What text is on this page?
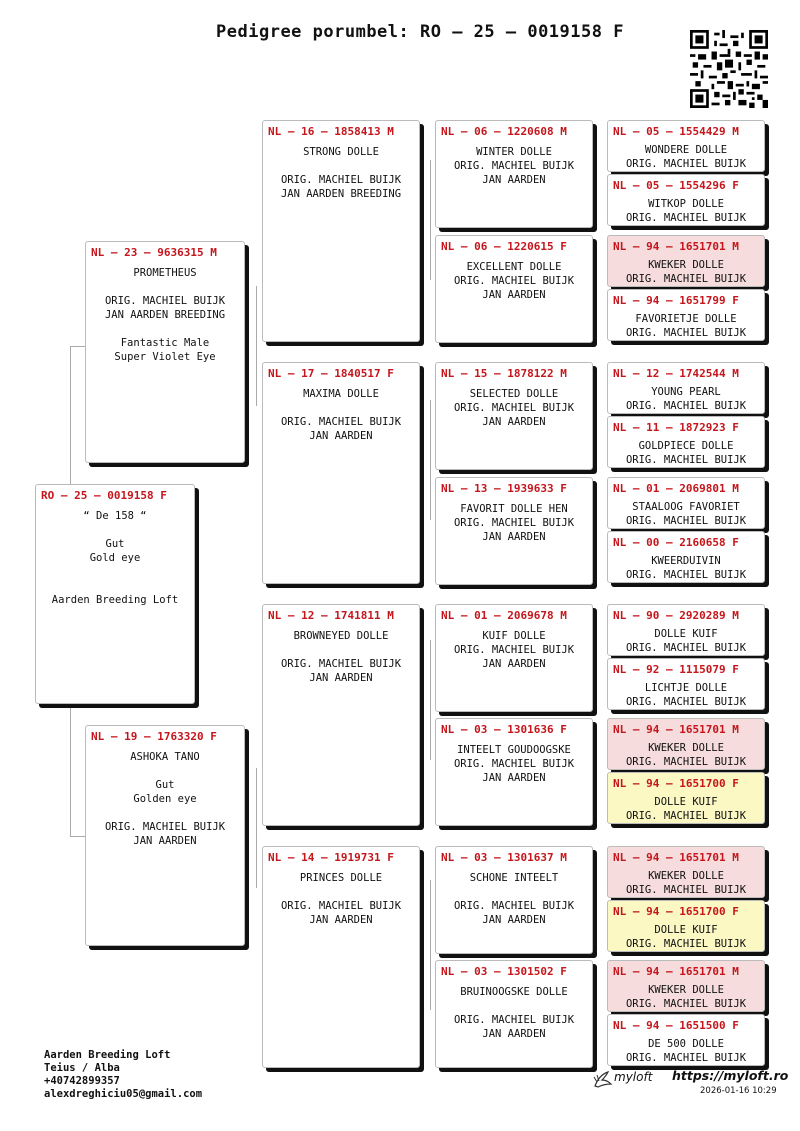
Pedigree porumbel: RO – 25 – 0019158 F
RO – 25 – 0019158 F
“ De 158 “

Gut
Gold eye

Aarden Breeding Loft
NL – 23 – 9636315 M
PROMETHEUS

ORIG. MACHIEL BUIJK
JAN AARDEN BREEDING

Fantastic Male
Super Violet Eye
NL – 19 – 1763320 F
ASHOKA TANO

Gut
Golden eye

ORIG. MACHIEL BUIJK
JAN AARDEN
NL – 16 – 1858413 M
STRONG DOLLE

ORIG. MACHIEL BUIJK
JAN AARDEN BREEDING
NL – 17 – 1840517 F
MAXIMA DOLLE

ORIG. MACHIEL BUIJK
JAN AARDEN
NL – 12 – 1741811 M
BROWNEYED DOLLE

ORIG. MACHIEL BUIJK
JAN AARDEN
NL – 14 – 1919731 F
PRINCES DOLLE

ORIG. MACHIEL BUIJK
JAN AARDEN
NL – 06 – 1220608 M
WINTER DOLLE
ORIG. MACHIEL BUIJK
JAN AARDEN
NL – 06 – 1220615 F
EXCELLENT DOLLE
ORIG. MACHIEL BUIJK
JAN AARDEN
NL – 15 – 1878122 M
SELECTED DOLLE
ORIG. MACHIEL BUIJK
JAN AARDEN
NL – 13 – 1939633 F
FAVORIT DOLLE HEN
ORIG. MACHIEL BUIJK
JAN AARDEN
NL – 01 – 2069678 M
KUIF DOLLE
ORIG. MACHIEL BUIJK
JAN AARDEN
NL – 03 – 1301636 F
INTEELT GOUDOOGSKE
ORIG. MACHIEL BUIJK
JAN AARDEN
NL – 03 – 1301637 M
SCHONE INTEELT

ORIG. MACHIEL BUIJK
JAN AARDEN
NL – 03 – 1301502 F
BRUINOOGSKE DOLLE

ORIG. MACHIEL BUIJK
JAN AARDEN
NL – 05 – 1554429 M
WONDERE DOLLE
ORIG. MACHIEL BUIJK
NL – 05 – 1554296 F
WITKOP DOLLE
ORIG. MACHIEL BUIJK
NL – 94 – 1651701 M
KWEKER DOLLE
ORIG. MACHIEL BUIJK
NL – 94 – 1651799 F
FAVORIETJE DOLLE
ORIG. MACHIEL BUIJK
NL – 12 – 1742544 M
YOUNG PEARL
ORIG. MACHIEL BUIJK
NL – 11 – 1872923 F
GOLDPIECE DOLLE
ORIG. MACHIEL BUIJK
NL – 01 – 2069801 M
STAALOOG FAVORIET
ORIG. MACHIEL BUIJK
NL – 00 – 2160658 F
KWEERDUIVIN
ORIG. MACHIEL BUIJK
NL – 90 – 2920289 M
DOLLE KUIF
ORIG. MACHIEL BUIJK
NL – 92 – 1115079 F
LICHTJE DOLLE
ORIG. MACHIEL BUIJK
NL – 94 – 1651701 M
KWEKER DOLLE
ORIG. MACHIEL BUIJK
NL – 94 – 1651700 F
DOLLE KUIF
ORIG. MACHIEL BUIJK
NL – 94 – 1651701 M
KWEKER DOLLE
ORIG. MACHIEL BUIJK
NL – 94 – 1651700 F
DOLLE KUIF
ORIG. MACHIEL BUIJK
NL – 94 – 1651701 M
KWEKER DOLLE
ORIG. MACHIEL BUIJK
NL – 94 – 1651500 F
DE 500 DOLLE
ORIG. MACHIEL BUIJK
Aarden Breeding Loft
Teius / Alba
+40742899357
alexdreghiciu05@gmail.com
myloft https://myloft.ro
2026-01-16 10:29
